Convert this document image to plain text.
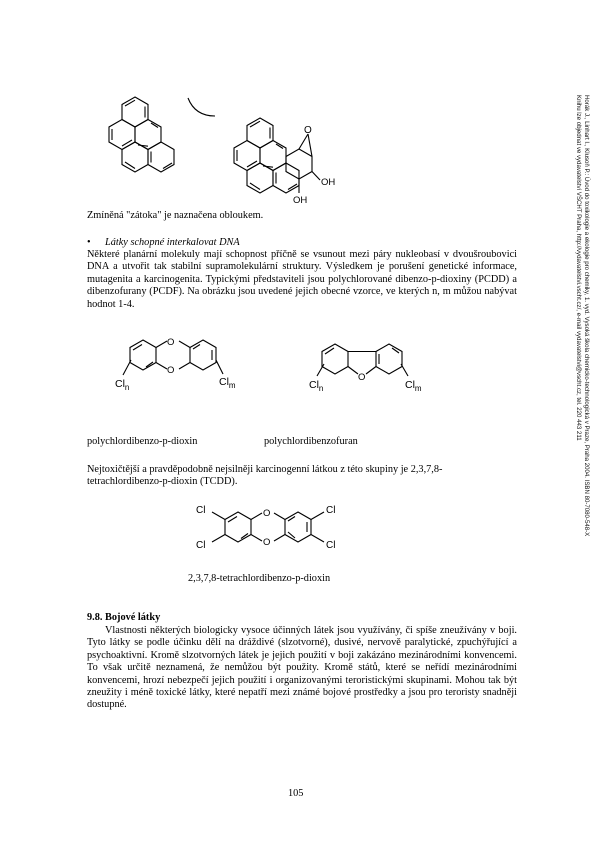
Horák J., Linhart I., Klusoň P.: Úvod do toxikologie a ekologie pro chemiky, 1. vyd. Vysoká škola chemicko-technologická v Praze, Praha 2004. ISBN 80-7080-548-X
Knihu lze objednat ve vydavatelství VŠCHT Praha, http://vydavatelstvi.vscht.cz/, e-mail vydavatelstvi@vscht.cz, tel. 220 443 211
O
OH
OH
Zmíněná "zátoka" je naznačena obloukem.
• Látky schopné interkalovat DNA
Některé planární molekuly mají schopnost příčně se vsunout mezi páry nukleobasí v dvoušroubovici DNA a utvořit tak stabilní supramolekulární struktury. Výsledkem je porušení genetické informace, mutagenita a karcinogenita. Typickými představiteli jsou polychlorované dibenzo-p-dioxiny (PCDD) a dibenzofurany (PCDF). Na obrázku jsou uvedené jejich obecné vzorce, ve kterých n, m můžou nabývat hodnot 1-4.
O
O
O
$Cl_n$	$Cl_m$	$Cl_n$	$Cl_m$
polychlordibenzo-p-dioxin	polychlordibenzofuran
Nejtoxičtější a pravděpodobně nejsilněji karcinogenní látkou z této skupiny je 2,3,7,8-tetrachlordibenzo-p-dioxin (TCDD).
O
O
Cl
Cl
Cl
Cl
2,3,7,8-tetrachlordibenzo-p-dioxin
9.8. Bojové látky
Vlastnosti některých biologicky vysoce účinných látek jsou využívány, či spíše zneužívány v boji. Tyto látky se podle účinku dělí na dráždivé (slzotvorné), dusivé, nervově paralytické, zpuchýřující a psychoaktivní. Kromě slzotvorných látek je jejich použití v boji zakázáno mezinárodními konvencemi. To však určitě neznamená, že nemůžou být použity. Kromě států, které se neřídí mezinárodními konvencemi, hrozí nebezpečí jejich použití i organizovanými teroristickými skupinami. Mohou tak být zneužity i méně toxické látky, které nepatří mezi známé bojové prostředky a jsou pro teroristy snadněji dostupné.
105
